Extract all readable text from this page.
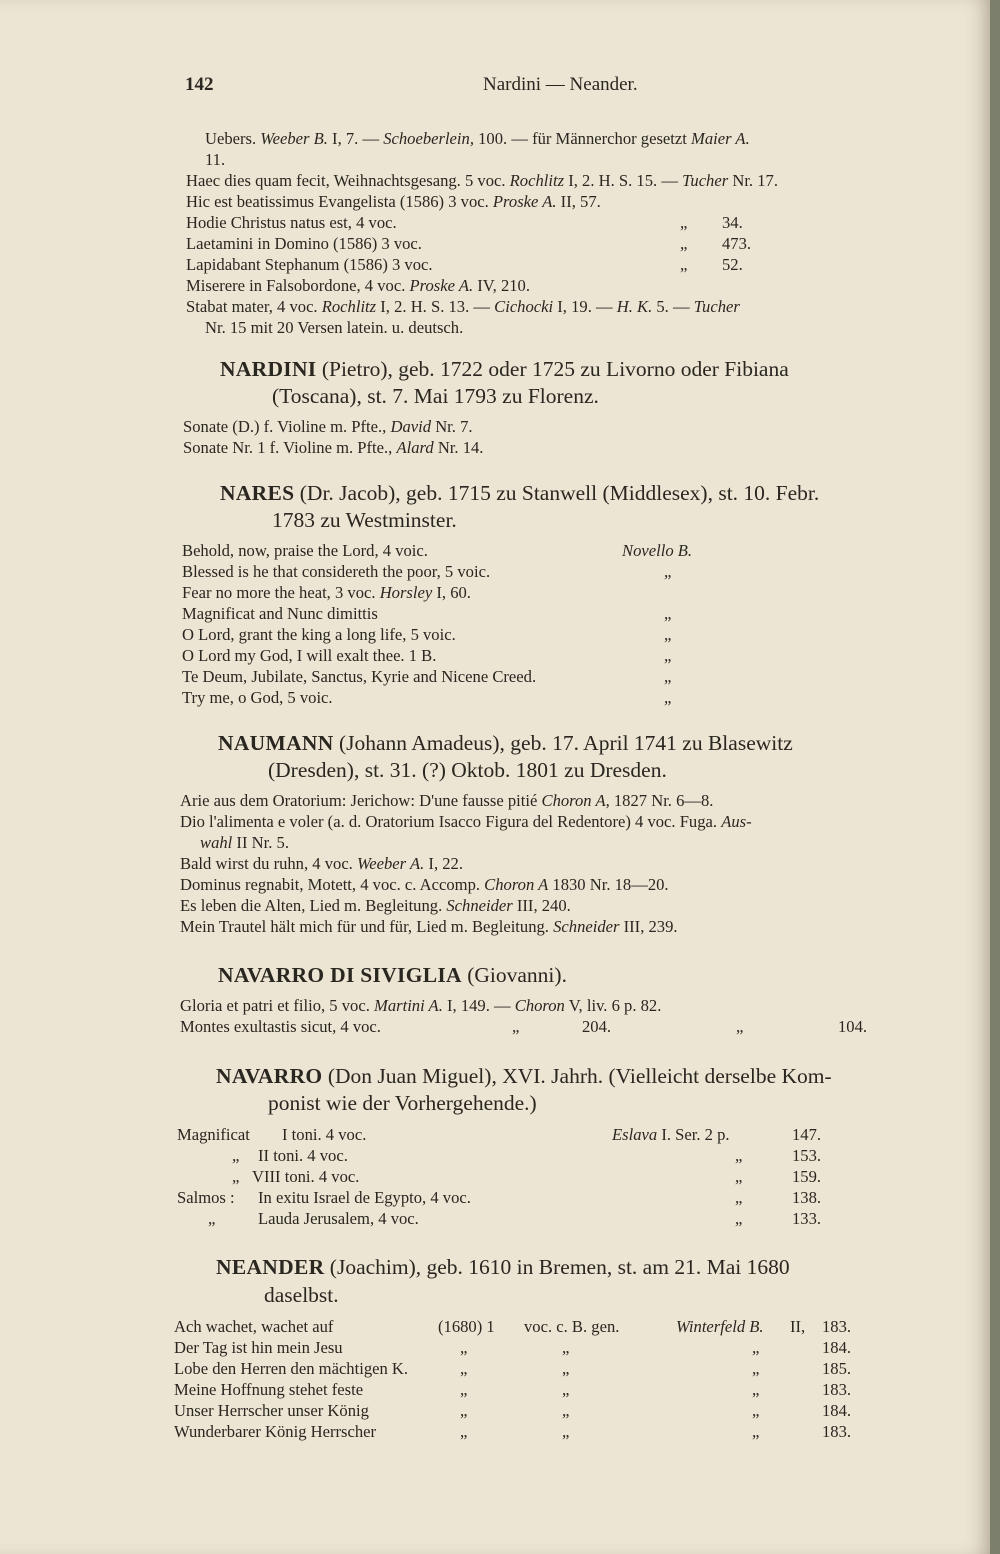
142	Nardini — Neander.
Uebers. Weeber B. I, 7. — Schoeberlein, 100. — für Männerchor gesetzt Maier A.
11.
Haec dies quam fecit, Weihnachtsgesang. 5 voc. Rochlitz I, 2. H. S. 15. — Tucher Nr. 17.
Hic est beatissimus Evangelista (1586) 3 voc. Proske A. II, 57.
Hodie Christus natus est, 4 voc.	„ 34.
Laetamini in Domino (1586) 3 voc.	„ 473.
Lapidabant Stephanum (1586) 3 voc.	„ 52.
Miserere in Falsobordone, 4 voc. Proske A. IV, 210.
Stabat mater, 4 voc. Rochlitz I, 2. H. S. 13. — Cichocki I, 19. — H. K. 5. — Tucher
Nr. 15 mit 20 Versen latein. u. deutsch.
NARDINI (Pietro), geb. 1722 oder 1725 zu Livorno oder Fibiana
(Toscana), st. 7. Mai 1793 zu Florenz.
Sonate (D.) f. Violine m. Pfte., David Nr. 7.
Sonate Nr. 1 f. Violine m. Pfte., Alard Nr. 14.
NARES (Dr. Jacob), geb. 1715 zu Stanwell (Middlesex), st. 10. Febr.
1783 zu Westminster.
Behold, now, praise the Lord, 4 voic.	Novello B.
Blessed is he that considereth the poor, 5 voic.	„
Fear no more the heat, 3 voc. Horsley I, 60.
Magnificat and Nunc dimittis	„
O Lord, grant the king a long life, 5 voic.	„
O Lord my God, I will exalt thee. 1 B.	„
Te Deum, Jubilate, Sanctus, Kyrie and Nicene Creed.	„
Try me, o God, 5 voic.	„
NAUMANN (Johann Amadeus), geb. 17. April 1741 zu Blasewitz
(Dresden), st. 31. (?) Oktob. 1801 zu Dresden.
Arie aus dem Oratorium: Jerichow: D'une fausse pitié Choron A, 1827 Nr. 6—8.
Dio l'alimenta e voler (a. d. Oratorium Isacco Figura del Redentore) 4 voc. Fuga. Aus-
wahl II Nr. 5.
Bald wirst du ruhn, 4 voc. Weeber A. I, 22.
Dominus regnabit, Motett, 4 voc. c. Accomp. Choron A 1830 Nr. 18—20.
Es leben die Alten, Lied m. Begleitung. Schneider III, 240.
Mein Trautel hält mich für und für, Lied m. Begleitung. Schneider III, 239.
NAVARRO DI SIVIGLIA (Giovanni).
Gloria et patri et filio, 5 voc. Martini A. I, 149. — Choron V, liv. 6 p. 82.
Montes exultastis sicut, 4 voc.	„	204.	„	104.
NAVARRO (Don Juan Miguel), XVI. Jahrh. (Vielleicht derselbe Kom-
ponist wie der Vorhergehende.)
Magnificat I toni. 4 voc.	Eslava I. Ser. 2 p.	147.
„ II toni. 4 voc.	„	153.
„ VIII toni. 4 voc.	„	159.
Salmos : In exitu Israel de Egypto, 4 voc.	„	138.
„	Lauda Jerusalem, 4 voc.	„	133.
NEANDER (Joachim), geb. 1610 in Bremen, st. am 21. Mai 1680
daselbst.
Ach wachet, wachet auf	(1680) 1 voc. c. B. gen.	Winterfeld B. II, 183.
Der Tag ist hin mein Jesu	„	„	„	184.
Lobe den Herren den mächtigen K.	„	„	„	185.
Meine Hoffnung stehet feste	„	„	„	183.
Unser Herrscher unser König	„	„	„	184.
Wunderbarer König Herrscher	„	„	„	183.
